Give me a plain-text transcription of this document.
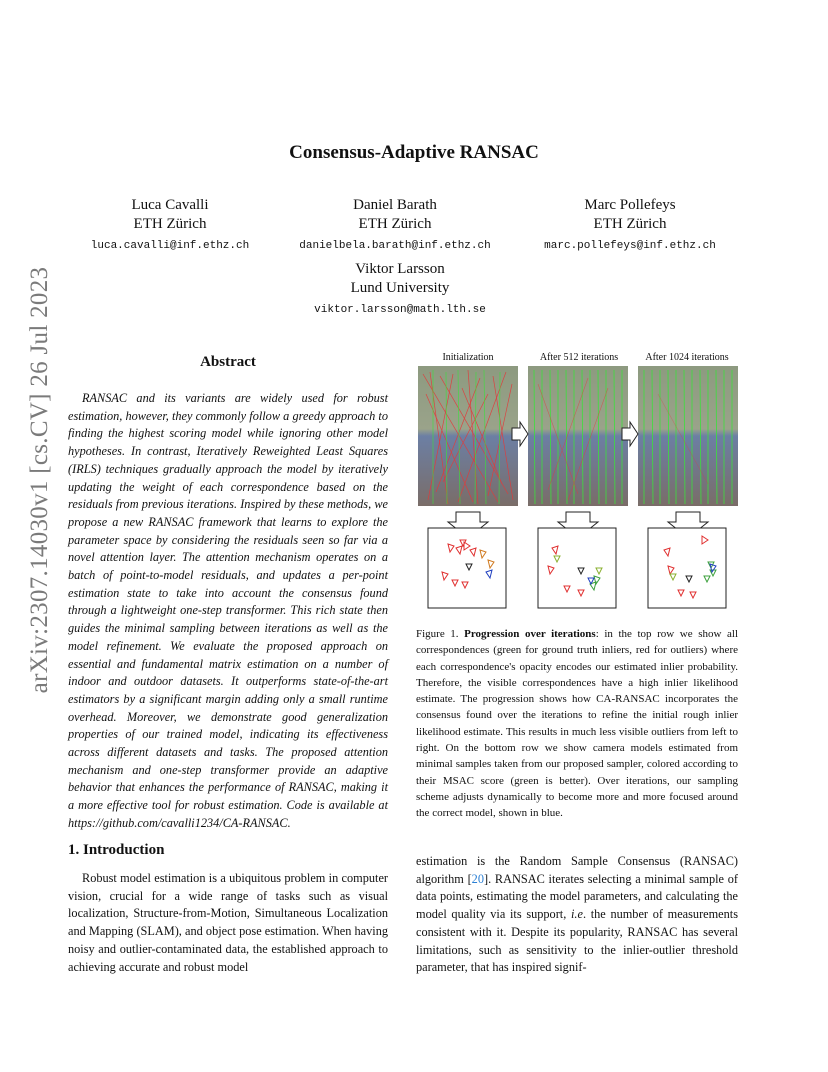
arXiv:2307.14030v1 [cs.CV] 26 Jul 2023
Consensus-Adaptive RANSAC
Luca Cavalli
ETH Zürich
luca.cavalli@inf.ethz.ch
Daniel Barath
ETH Zürich
danielbela.barath@inf.ethz.ch
Marc Pollefeys
ETH Zürich
marc.pollefeys@inf.ethz.ch
Viktor Larsson
Lund University
viktor.larsson@math.lth.se
Abstract

RANSAC and its variants are widely used for robust estimation, however, they commonly follow a greedy approach to finding the highest scoring model while ignoring other model hypotheses. In contrast, Iteratively Reweighted Least Squares (IRLS) techniques gradually approach the model by iteratively updating the weight of each correspondence based on the residuals from previous iterations. Inspired by these methods, we propose a new RANSAC framework that learns to explore the parameter space by considering the residuals seen so far via a novel attention layer. The attention mechanism operates on a batch of point-to-model residuals, and updates a per-point estimation state to take into account the consensus found through a lightweight one-step transformer. This rich state then guides the minimal sampling between iterations as well as the model refinement. We evaluate the proposed approach on essential and fundamental matrix estimation on a number of indoor and outdoor datasets. It outperforms state-of-the-art estimators by a significant margin adding only a small runtime overhead. Moreover, we demonstrate good generalization properties of our trained model, indicating its effectiveness across different datasets and tasks. The proposed attention mechanism and one-step transformer provide an adaptive behavior that enhances the performance of RANSAC, making it a more effective tool for robust estimation. Code is available at https://github.com/cavalli1234/CA-RANSAC.

Initialization	After 512 iterations	After 1024 iterations

Figure 1. Progression over iterations: in the top row we show all correspondences (green for ground truth inliers, red for outliers) where each correspondence's opacity encodes our estimated inlier probability. Therefore, the visible correspondences have a high inlier likelihood estimate. The progression shows how CA-RANSAC incorporates the consensus found over the iterations to refine the initial rough inlier likelihood estimate. This results in much less visible outliers from left to right. On the bottom row we show camera models estimated from minimal samples taken from our proposed sampler, colored according to their MSAC score (green is better). Over iterations, our sampling scheme adjusts dynamically to become more and more focused around the correct model, shown in blue.

1. Introduction

Robust model estimation is a ubiquitous problem in computer vision, crucial for a wide range of tasks such as visual localization, Structure-from-Motion, Simultaneous Localization and Mapping (SLAM), and object pose estimation. When having noisy and outlier-contaminated data, the established approach to achieving accurate and robust model

estimation is the Random Sample Consensus (RANSAC) algorithm [20]. RANSAC iterates selecting a minimal sample of data points, estimating the model parameters, and calculating the model quality via its support, i.e. the number of measurements consistent with it. Despite its popularity, RANSAC has several limitations, such as sensitivity to the inlier-outlier threshold parameter, that has inspired signif-
